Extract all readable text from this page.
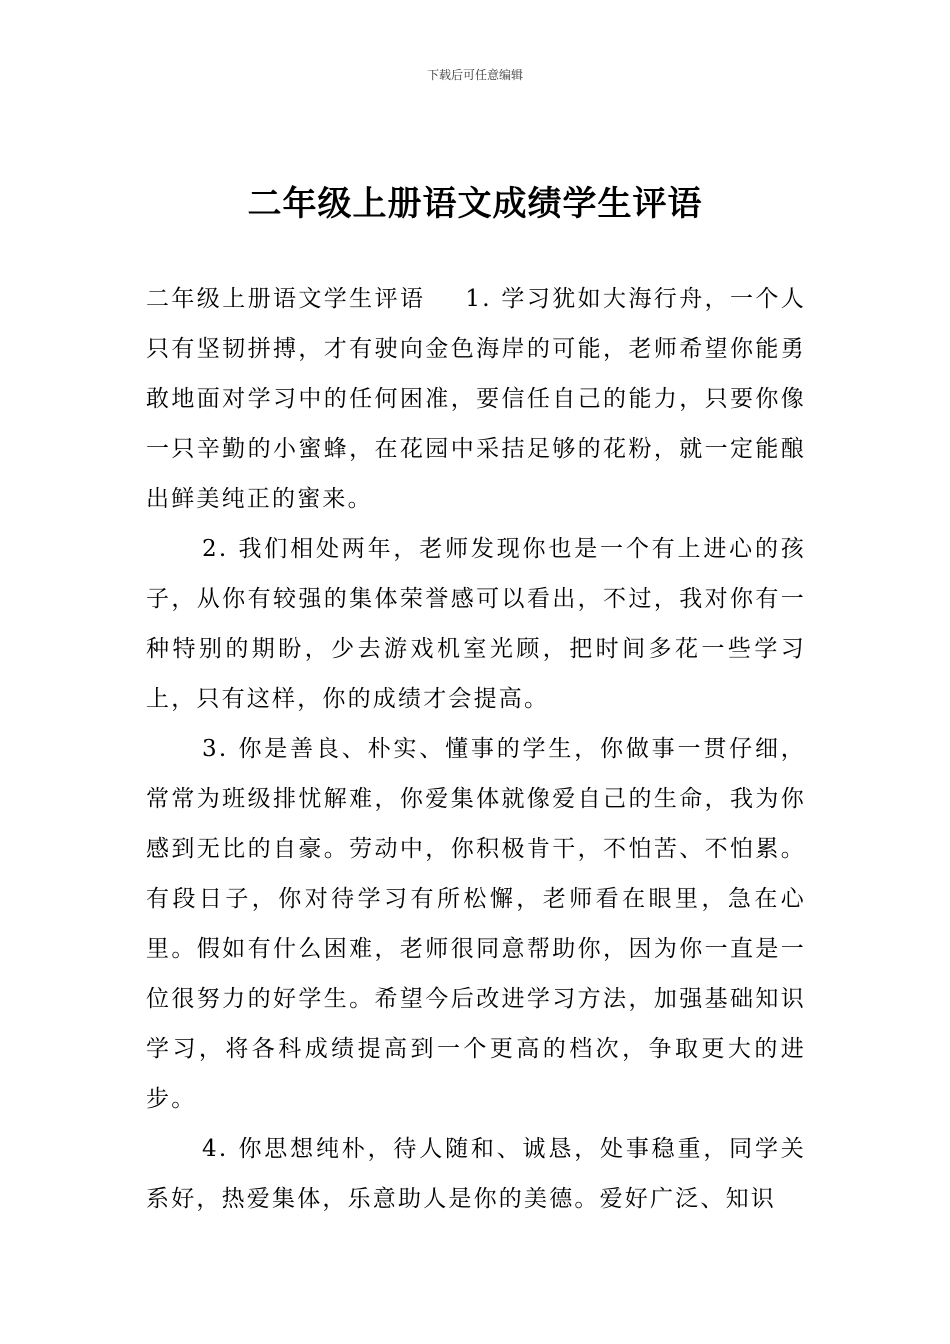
下载后可任意编辑
二年级上册语文成绩学生评语

二年级上册语文学生评语 1. 学习犹如大海行舟，一个人只有坚韧拼搏，才有驶向金色海岸的可能，老师希望你能勇敢地面对学习中的任何困准，要信任自己的能力，只要你像一只辛勤的小蜜蜂，在花园中采拮足够的花粉，就一定能酿出鲜美纯正的蜜来。

2. 我们相处两年，老师发现你也是一个有上进心的孩子，从你有较强的集体荣誉感可以看出，不过，我对你有一种特别的期盼，少去游戏机室光顾，把时间多花一些学习上，只有这样，你的成绩才会提高。

3. 你是善良、朴实、懂事的学生，你做事一贯仔细，常常为班级排忧解难，你爱集体就像爱自己的生命，我为你感到无比的自豪。劳动中，你积极肯干，不怕苦、不怕累。有段日子，你对待学习有所松懈，老师看在眼里，急在心里。假如有什么困难，老师很同意帮助你，因为你一直是一位很努力的好学生。希望今后改进学习方法，加强基础知识学习，将各科成绩提高到一个更高的档次，争取更大的进步。

4. 你思想纯朴，待人随和、诚恳，处事稳重，同学关系好，热爱集体，乐意助人是你的美德。爱好广泛、知识
